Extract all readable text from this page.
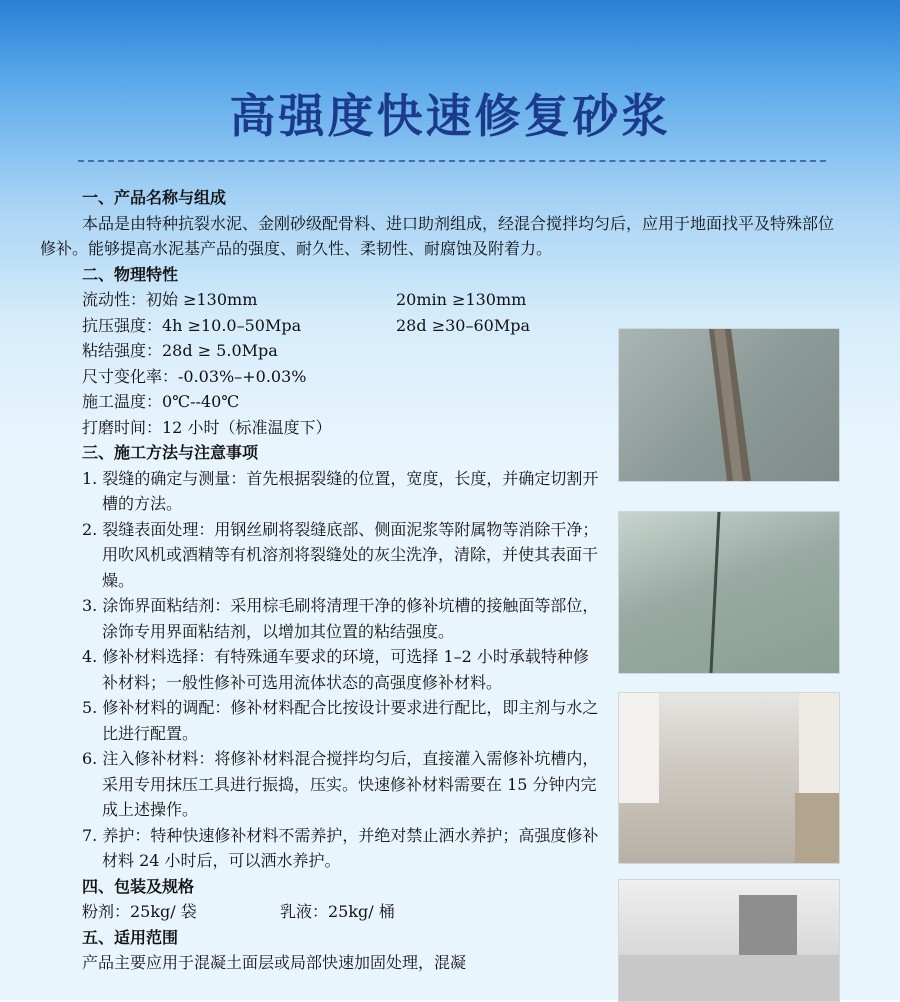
高强度快速修复砂浆
一、产品名称与组成
本品是由特种抗裂水泥、金刚砂级配骨料、进口助剂组成，经混合搅拌均匀后，应用于地面找平及特殊部位修补。能够提高水泥基产品的强度、耐久性、柔韧性、耐腐蚀及附着力。
二、物理特性
流动性：初始 ≥130mm	20min ≥130mm
抗压强度：4h ≥10.0–50Mpa	28d ≥30–60Mpa
粘结强度：28d ≥ 5.0Mpa
尺寸变化率：-0.03%–+0.03%
施工温度：0℃--40℃
打磨时间：12 小时（标准温度下）
三、施工方法与注意事项
1. 裂缝的确定与测量：首先根据裂缝的位置，宽度，长度，并确定切割开槽的方法。
2. 裂缝表面处理：用钢丝刷将裂缝底部、侧面泥浆等附属物等消除干净；用吹风机或酒精等有机溶剂将裂缝处的灰尘洗净，清除，并使其表面干燥。
3. 涂饰界面粘结剂：采用棕毛刷将清理干净的修补坑槽的接触面等部位，涂饰专用界面粘结剂，以增加其位置的粘结强度。
4. 修补材料选择：有特殊通车要求的环境，可选择 1–2 小时承载特种修补材料；一般性修补可选用流体状态的高强度修补材料。
5. 修补材料的调配：修补材料配合比按设计要求进行配比，即主剂与水之比进行配置。
6. 注入修补材料：将修补材料混合搅拌均匀后，直接灌入需修补坑槽内，采用专用抹压工具进行振捣，压实。快速修补材料需要在 15 分钟内完成上述操作。
7. 养护：特种快速修补材料不需养护，并绝对禁止洒水养护；高强度修补材料 24 小时后，可以洒水养护。
四、包装及规格
粉剂：25kg/ 袋	乳液：25kg/ 桶
五、适用范围
产品主要应用于混凝土面层或局部快速加固处理，混凝
